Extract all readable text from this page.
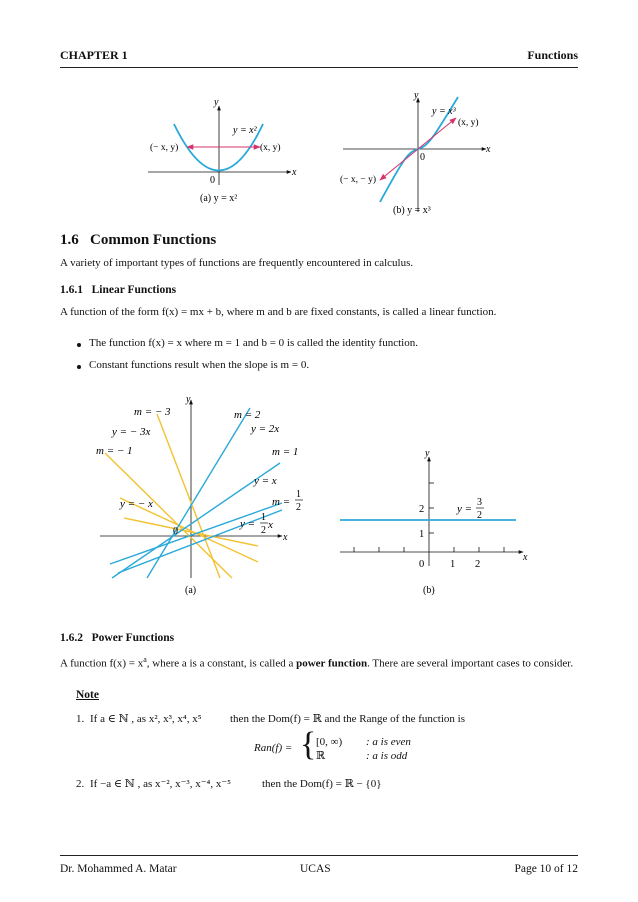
CHAPTER 1	Functions
y
x
0
y = x²
(− x, y)	(x, y)
(a) y = x²
y
x
0
y = x³
(x, y)
(− x, − y)
(b) y = x³
1.6 Common Functions
A variety of important types of functions are frequently encountered in calculus.
1.6.1 Linear Functions
A function of the form f(x) = mx + b, where m and b are fixed constants, is called a linear function.
The function f(x) = x where m = 1 and b = 0 is called the identity function.
Constant functions result when the slope is m = 0.
y
x
0
m = − 3
y = − 3x
m = − 1
y = − x
m = 2
y = 2x
m = 1
y = x
m =
1
2
y =
1
2 x
(a)
y
x
0 1 2
1
2	y =
3
2
(b)
1.6.2 Power Functions
A function $f(x) = x^a$, where a is a constant, is called a power function. There are several important cases to consider.
Note
1. If a ∈ ℕ , as x², x³, x⁴, x⁵	then the Dom(f) = ℝ and the Range of the function is
Ran(f) = { [0, ∞) : a is even
ℝ	: a is odd
2. If −a ∈ ℕ , as x⁻², x⁻³, x⁻⁴, x⁻⁵	then the Dom(f) = ℝ − {0}
Dr. Mohammed A. Matar	UCAS	Page 10 of 12
